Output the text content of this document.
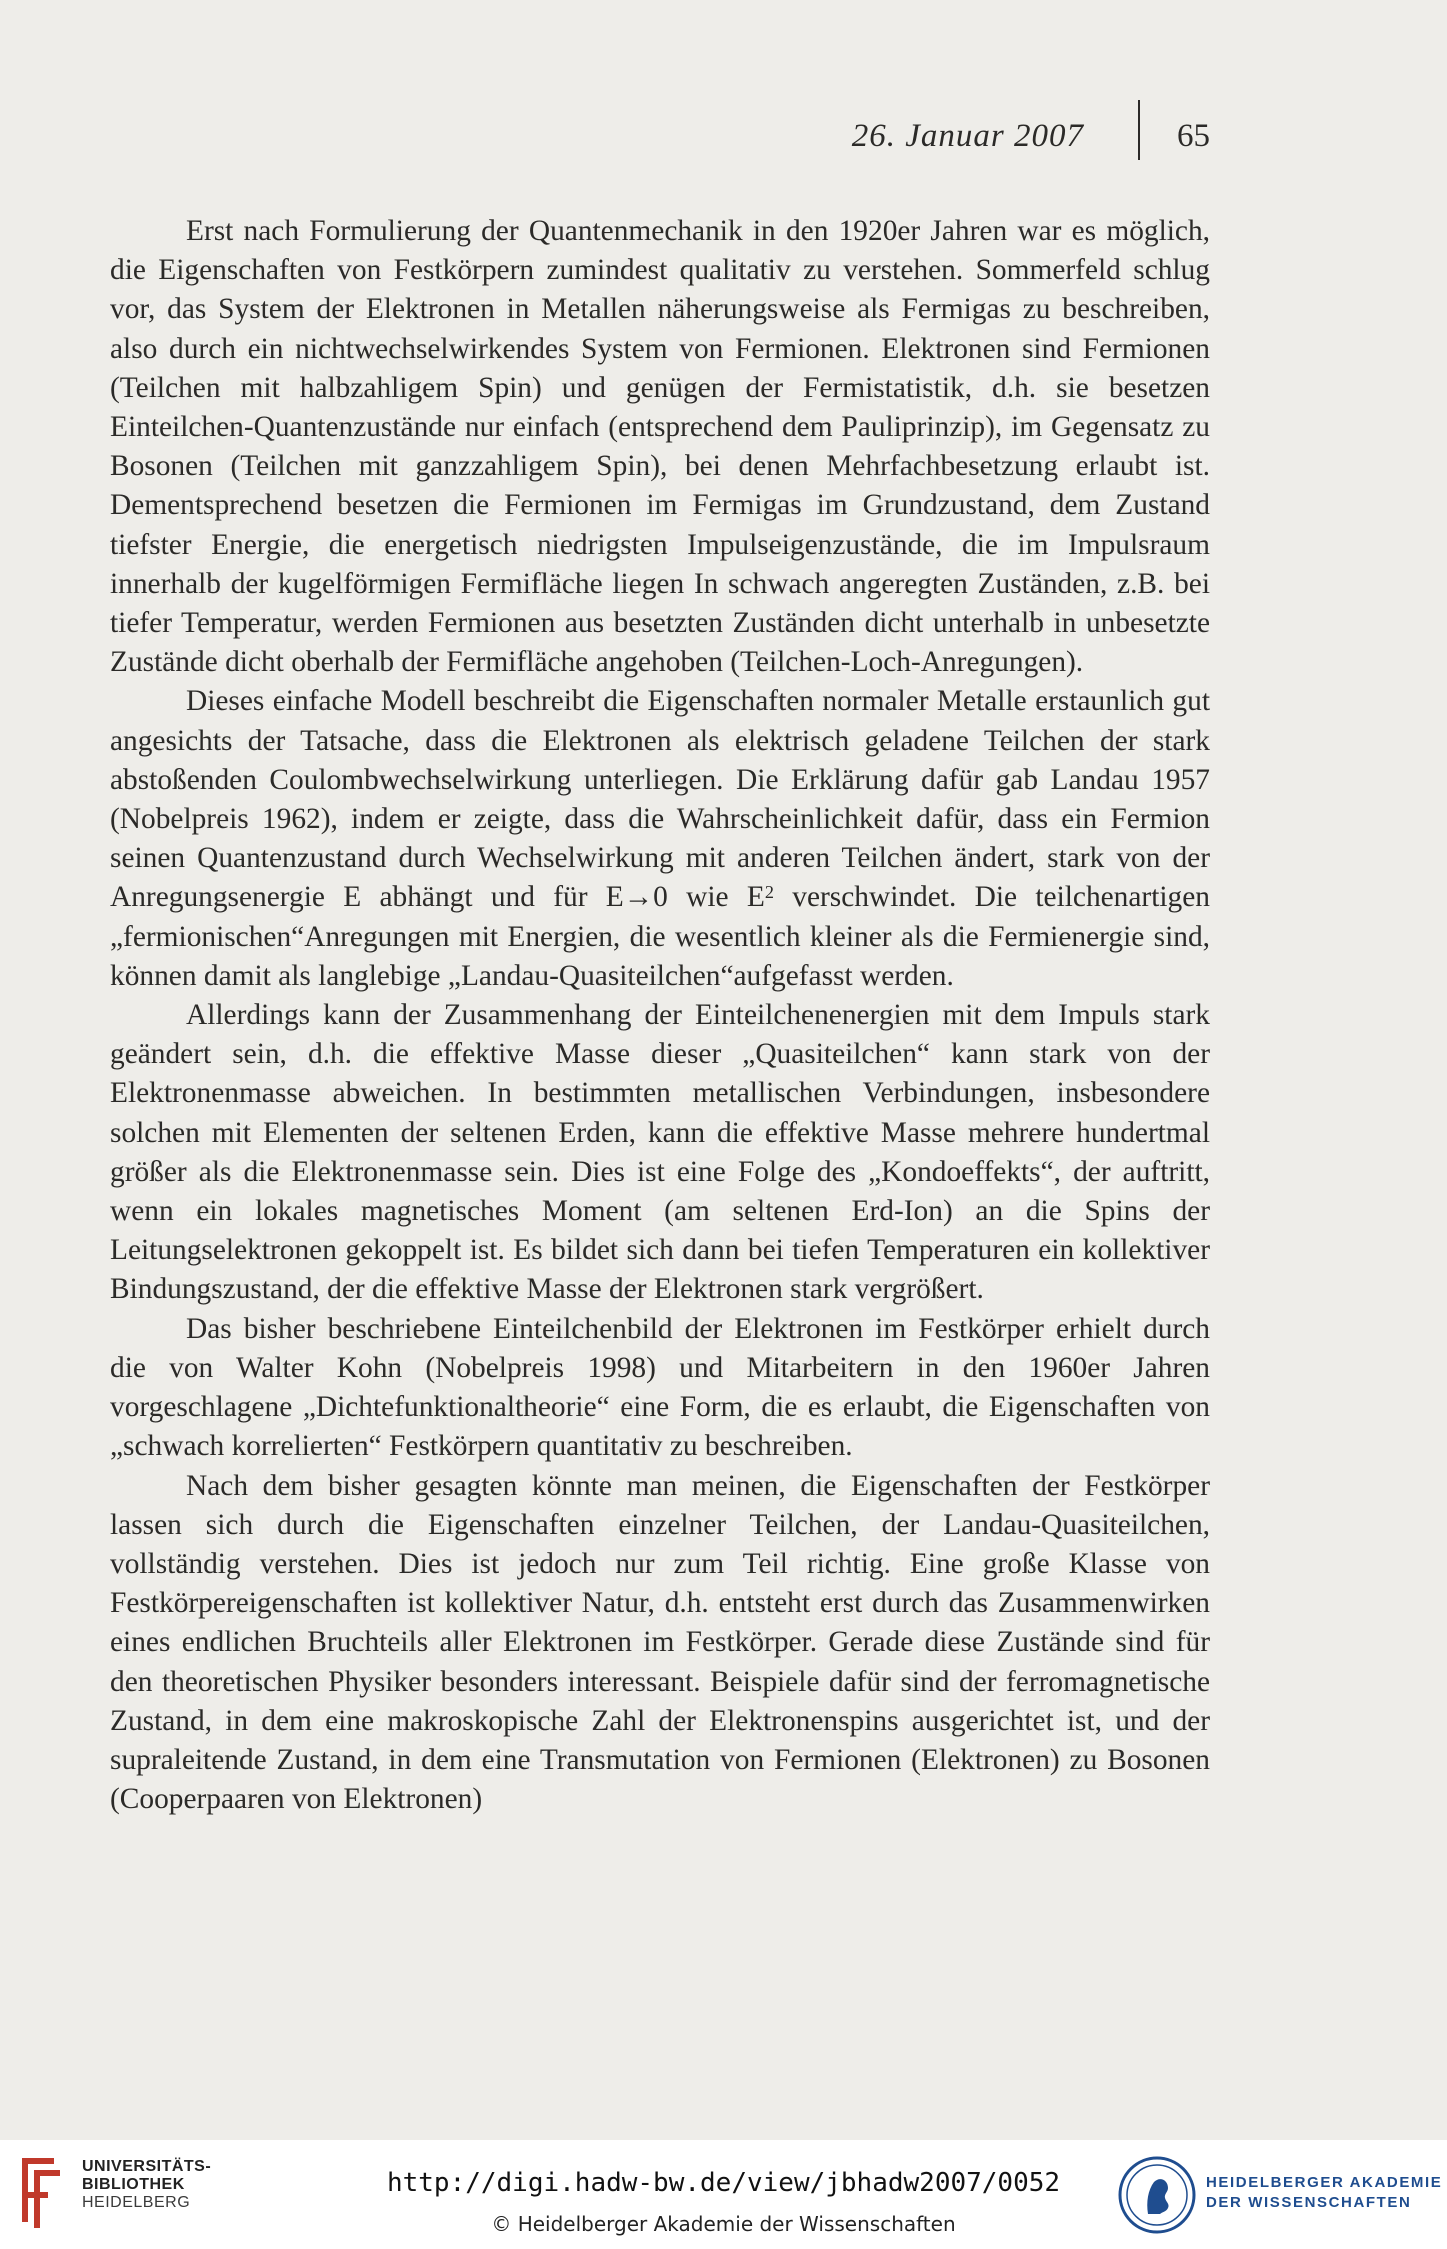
26. Januar 2007	65

Erst nach Formulierung der Quantenmechanik in den 1920er Jahren war es möglich, die Eigenschaften von Festkörpern zumindest qualitativ zu verstehen. Sommerfeld schlug vor, das System der Elektronen in Metallen näherungsweise als Fermigas zu beschreiben, also durch ein nichtwechselwirkendes System von Fermionen. Elektronen sind Fermionen (Teilchen mit halbzahligem Spin) und genügen der Fermistatistik, d.h. sie besetzen Einteilchen-Quantenzustände nur einfach (entsprechend dem Pauliprinzip), im Gegensatz zu Bosonen (Teilchen mit ganzzahligem Spin), bei denen Mehrfachbesetzung erlaubt ist. Dementsprechend besetzen die Fermionen im Fermigas im Grundzustand, dem Zustand tiefster Energie, die energetisch niedrigsten Impulseigenzustände, die im Impulsraum innerhalb der kugelförmigen Fermifläche liegen In schwach angeregten Zuständen, z.B. bei tiefer Temperatur, werden Fermionen aus besetzten Zuständen dicht unterhalb in unbesetzte Zustände dicht oberhalb der Fermifläche angehoben (Teilchen-Loch-Anregungen).

Dieses einfache Modell beschreibt die Eigenschaften normaler Metalle erstaunlich gut angesichts der Tatsache, dass die Elektronen als elektrisch geladene Teilchen der stark abstoßenden Coulombwechselwirkung unterliegen. Die Erklärung dafür gab Landau 1957 (Nobelpreis 1962), indem er zeigte, dass die Wahrscheinlichkeit dafür, dass ein Fermion seinen Quantenzustand durch Wechselwirkung mit anderen Teilchen ändert, stark von der Anregungsenergie E abhängt und für E→0 wie $E^2$ verschwindet. Die teilchenartigen „fermionischen“Anregungen mit Energien, die wesentlich kleiner als die Fermienergie sind, können damit als langlebige „Landau-Quasiteilchen“aufgefasst werden.

Allerdings kann der Zusammenhang der Einteilchenenergien mit dem Impuls stark geändert sein, d.h. die effektive Masse dieser „Quasiteilchen“ kann stark von der Elektronenmasse abweichen. In bestimmten metallischen Verbindungen, insbesondere solchen mit Elementen der seltenen Erden, kann die effektive Masse mehrere hundertmal größer als die Elektronenmasse sein. Dies ist eine Folge des „Kondoeffekts“, der auftritt, wenn ein lokales magnetisches Moment (am seltenen Erd-Ion) an die Spins der Leitungselektronen gekoppelt ist. Es bildet sich dann bei tiefen Temperaturen ein kollektiver Bindungszustand, der die effektive Masse der Elektronen stark vergrößert.

Das bisher beschriebene Einteilchenbild der Elektronen im Festkörper erhielt durch die von Walter Kohn (Nobelpreis 1998) und Mitarbeitern in den 1960er Jahren vorgeschlagene „Dichtefunktionaltheorie“ eine Form, die es erlaubt, die Eigenschaften von „schwach korrelierten“ Festkörpern quantitativ zu beschreiben.

Nach dem bisher gesagten könnte man meinen, die Eigenschaften der Festkörper lassen sich durch die Eigenschaften einzelner Teilchen, der Landau-Quasiteilchen, vollständig verstehen. Dies ist jedoch nur zum Teil richtig. Eine große Klasse von Festkörpereigenschaften ist kollektiver Natur, d.h. entsteht erst durch das Zusammenwirken eines endlichen Bruchteils aller Elektronen im Festkörper. Gerade diese Zustände sind für den theoretischen Physiker besonders interessant. Beispiele dafür sind der ferromagnetische Zustand, in dem eine makroskopische Zahl der Elektronenspins ausgerichtet ist, und der supraleitende Zustand, in dem eine Transmutation von Fermionen (Elektronen) zu Bosonen (Cooperpaaren von Elektronen)

UNIVERSITÄTS-
BIBLIOTHEK
HEIDELBERG
http://digi.hadw-bw.de/view/jbhadw2007/0052
© Heidelberger Akademie der Wissenschaften
HEIDELBERGER AKADEMIE
DER WISSENSCHAFTEN
